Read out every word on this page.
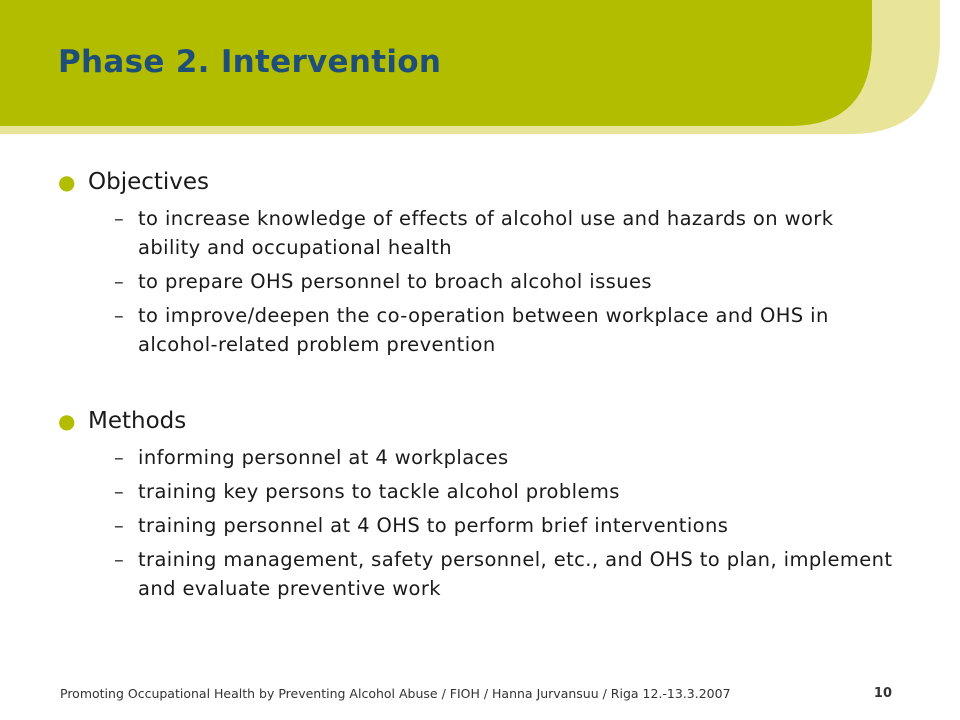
Phase 2. Intervention
● Objectives
– to increase knowledge of effects of alcohol use and hazards on work ability and occupational health
– to prepare OHS personnel to broach alcohol issues
– to improve/deepen the co-operation between workplace and OHS in alcohol-related problem prevention
● Methods
– informing personnel at 4 workplaces
– training key persons to tackle alcohol problems
– training personnel at 4 OHS to perform brief interventions
– training management, safety personnel, etc., and OHS to plan, implement and evaluate preventive work
Promoting Occupational Health by Preventing Alcohol Abuse / FIOH / Hanna Jurvansuu / Riga 12.-13.3.2007	10
